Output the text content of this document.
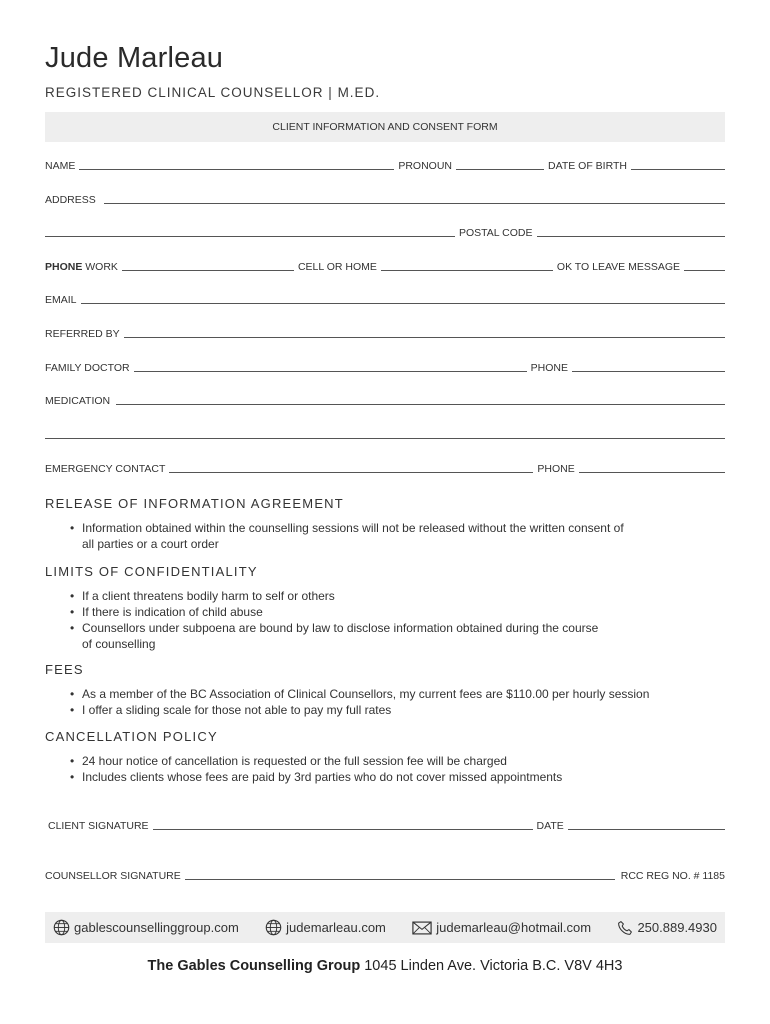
Jude Marleau
REGISTERED CLINICAL COUNSELLOR | M.ED.
CLIENT INFORMATION AND CONSENT FORM
NAME	PRONOUN	DATE OF BIRTH
ADDRESS
POSTAL CODE
PHONE WORK	CELL OR HOME	OK TO LEAVE MESSAGE
EMAIL
REFERRED BY
FAMILY DOCTOR	PHONE
MEDICATION
EMERGENCY CONTACT	PHONE
RELEASE OF INFORMATION AGREEMENT
• Information obtained within the counselling sessions will not be released without the written consent of all parties or a court order
LIMITS OF CONFIDENTIALITY
• If a client threatens bodily harm to self or others
• If there is indication of child abuse
• Counsellors under subpoena are bound by law to disclose information obtained during the course of counselling
FEES
• As a member of the BC Association of Clinical Counsellors, my current fees are $110.00 per hourly session
• I offer a sliding scale for those not able to pay my full rates
CANCELLATION POLICY
• 24 hour notice of cancellation is requested or the full session fee will be charged
• Includes clients whose fees are paid by 3rd parties who do not cover missed appointments
CLIENT SIGNATURE	DATE
COUNSELLOR SIGNATURE	RCC REG NO. # 1185
gablescounsellinggroup.com	judemarleau.com	judemarleau@hotmail.com	250.889.4930
The Gables Counselling Group 1045 Linden Ave. Victoria B.C. V8V 4H3
